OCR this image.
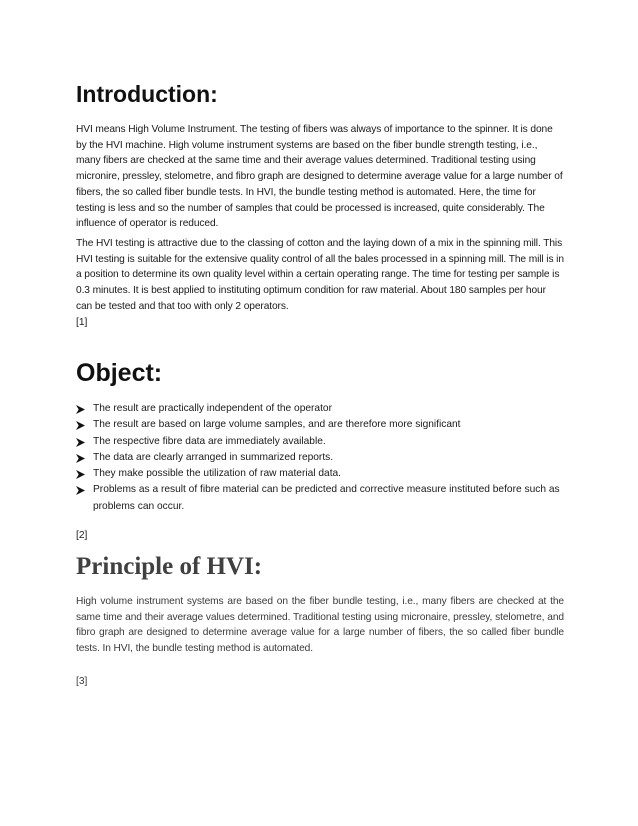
Introduction:

HVI means High Volume Instrument. The testing of fibers was always of importance to the spinner. It is done by the HVI machine. High volume instrument systems are based on the fiber bundle strength testing, i.e., many fibers are checked at the same time and their average values determined. Traditional testing using micronire, pressley, stelometre, and fibro graph are designed to determine average value for a large number of fibers, the so called fiber bundle tests. In HVI, the bundle testing method is automated. Here, the time for testing is less and so the number of samples that could be processed is increased, quite considerably. The influence of operator is reduced.

The HVI testing is attractive due to the classing of cotton and the laying down of a mix in the spinning mill. This HVI testing is suitable for the extensive quality control of all the bales processed in a spinning mill. The mill is in a position to determine its own quality level within a certain operating range. The time for testing per sample is 0.3 minutes. It is best applied to instituting optimum condition for raw material. About 180 samples per hour can be tested and that too with only 2 operators.

[1]

Object:
The result are practically independent of the operator
The result are based on large volume samples, and are therefore more significant
The respective fibre data are immediately available.
The data are clearly arranged in summarized reports.
They make possible the utilization of raw material data.
Problems as a result of fibre material can be predicted and corrective measure instituted before such as problems can occur.

[2]

Principle of HVI:

High volume instrument systems are based on the fiber bundle testing, i.e., many fibers are checked at the same time and their average values determined. Traditional testing using micronaire, pressley, stelometre, and fibro graph are designed to determine average value for a large number of fibers, the so called fiber bundle tests. In HVI, the bundle testing method is automated.

[3]
